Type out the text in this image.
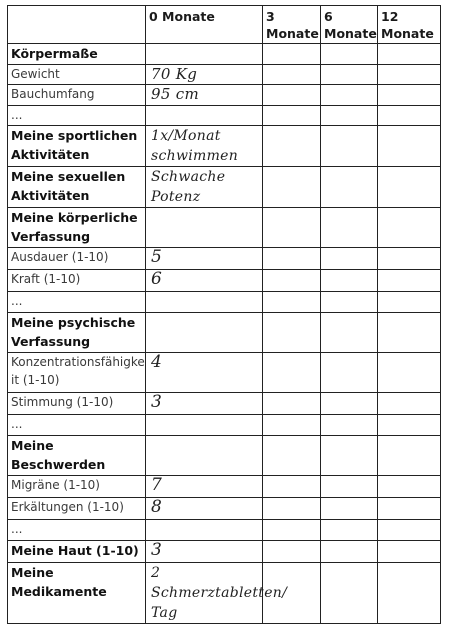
	0 Monate	3 Monate	6 Monate	12 Monate
Körpermaße				
Gewicht	70 Kg			
Bauchumfang	95 cm			
...				
Meine sportlichen Aktivitäten	1x/Monat schwimmen			
Meine sexuellen Aktivitäten	Schwache Potenz			
Meine körperliche Verfassung				
Ausdauer (1-10)	5			
Kraft (1-10)	6			
...				
Meine psychische Verfassung				
Konzentrationsfähigkeit (1-10)	4			
Stimmung (1-10)	3			
...				
Meine Beschwerden				
Migräne (1-10)	7			
Erkältungen (1-10)	8			
...				
Meine Haut (1-10)	3			
Meine Medikamente	2 Schmerztabletten/ Tag			
